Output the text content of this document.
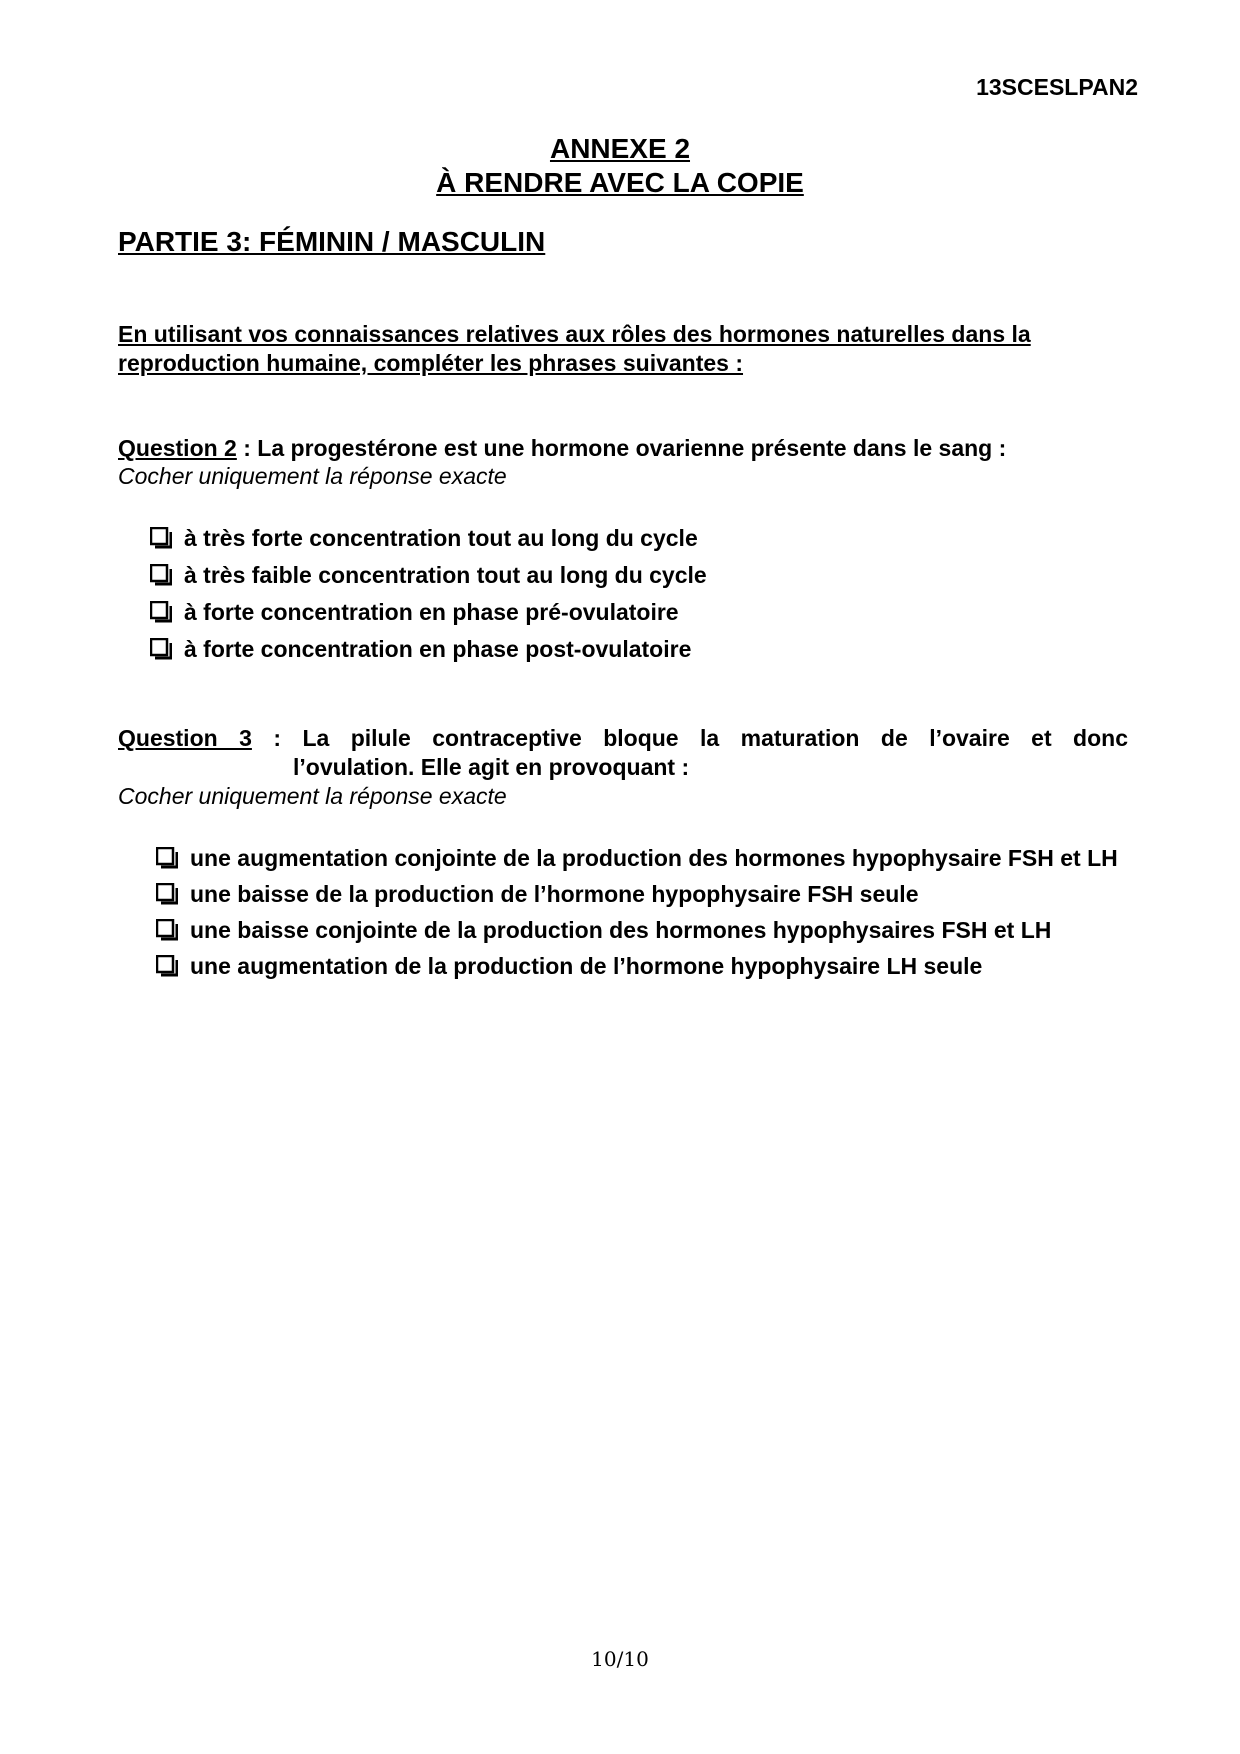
13SCESLPAN2
ANNEXE 2
À RENDRE AVEC LA COPIE
PARTIE 3: FÉMININ / MASCULIN
En utilisant vos connaissances relatives aux rôles des hormones naturelles dans la reproduction humaine, compléter les phrases suivantes :
Question 2 : La progestérone est une hormone ovarienne présente dans le sang :
Cocher uniquement la réponse exacte
à très forte concentration tout au long du cycle
à très faible concentration tout au long du cycle
à forte concentration en phase pré-ovulatoire
à forte concentration en phase post-ovulatoire
Question 3 : La pilule contraceptive bloque la maturation de l’ovaire et donc
l’ovulation. Elle agit en provoquant :
Cocher uniquement la réponse exacte
une augmentation conjointe de la production des hormones hypophysaire FSH et LH
une baisse de la production de l’hormone hypophysaire FSH seule
une baisse conjointe de la production des hormones hypophysaires FSH et LH
une augmentation de la production de l’hormone hypophysaire LH seule
10/10
